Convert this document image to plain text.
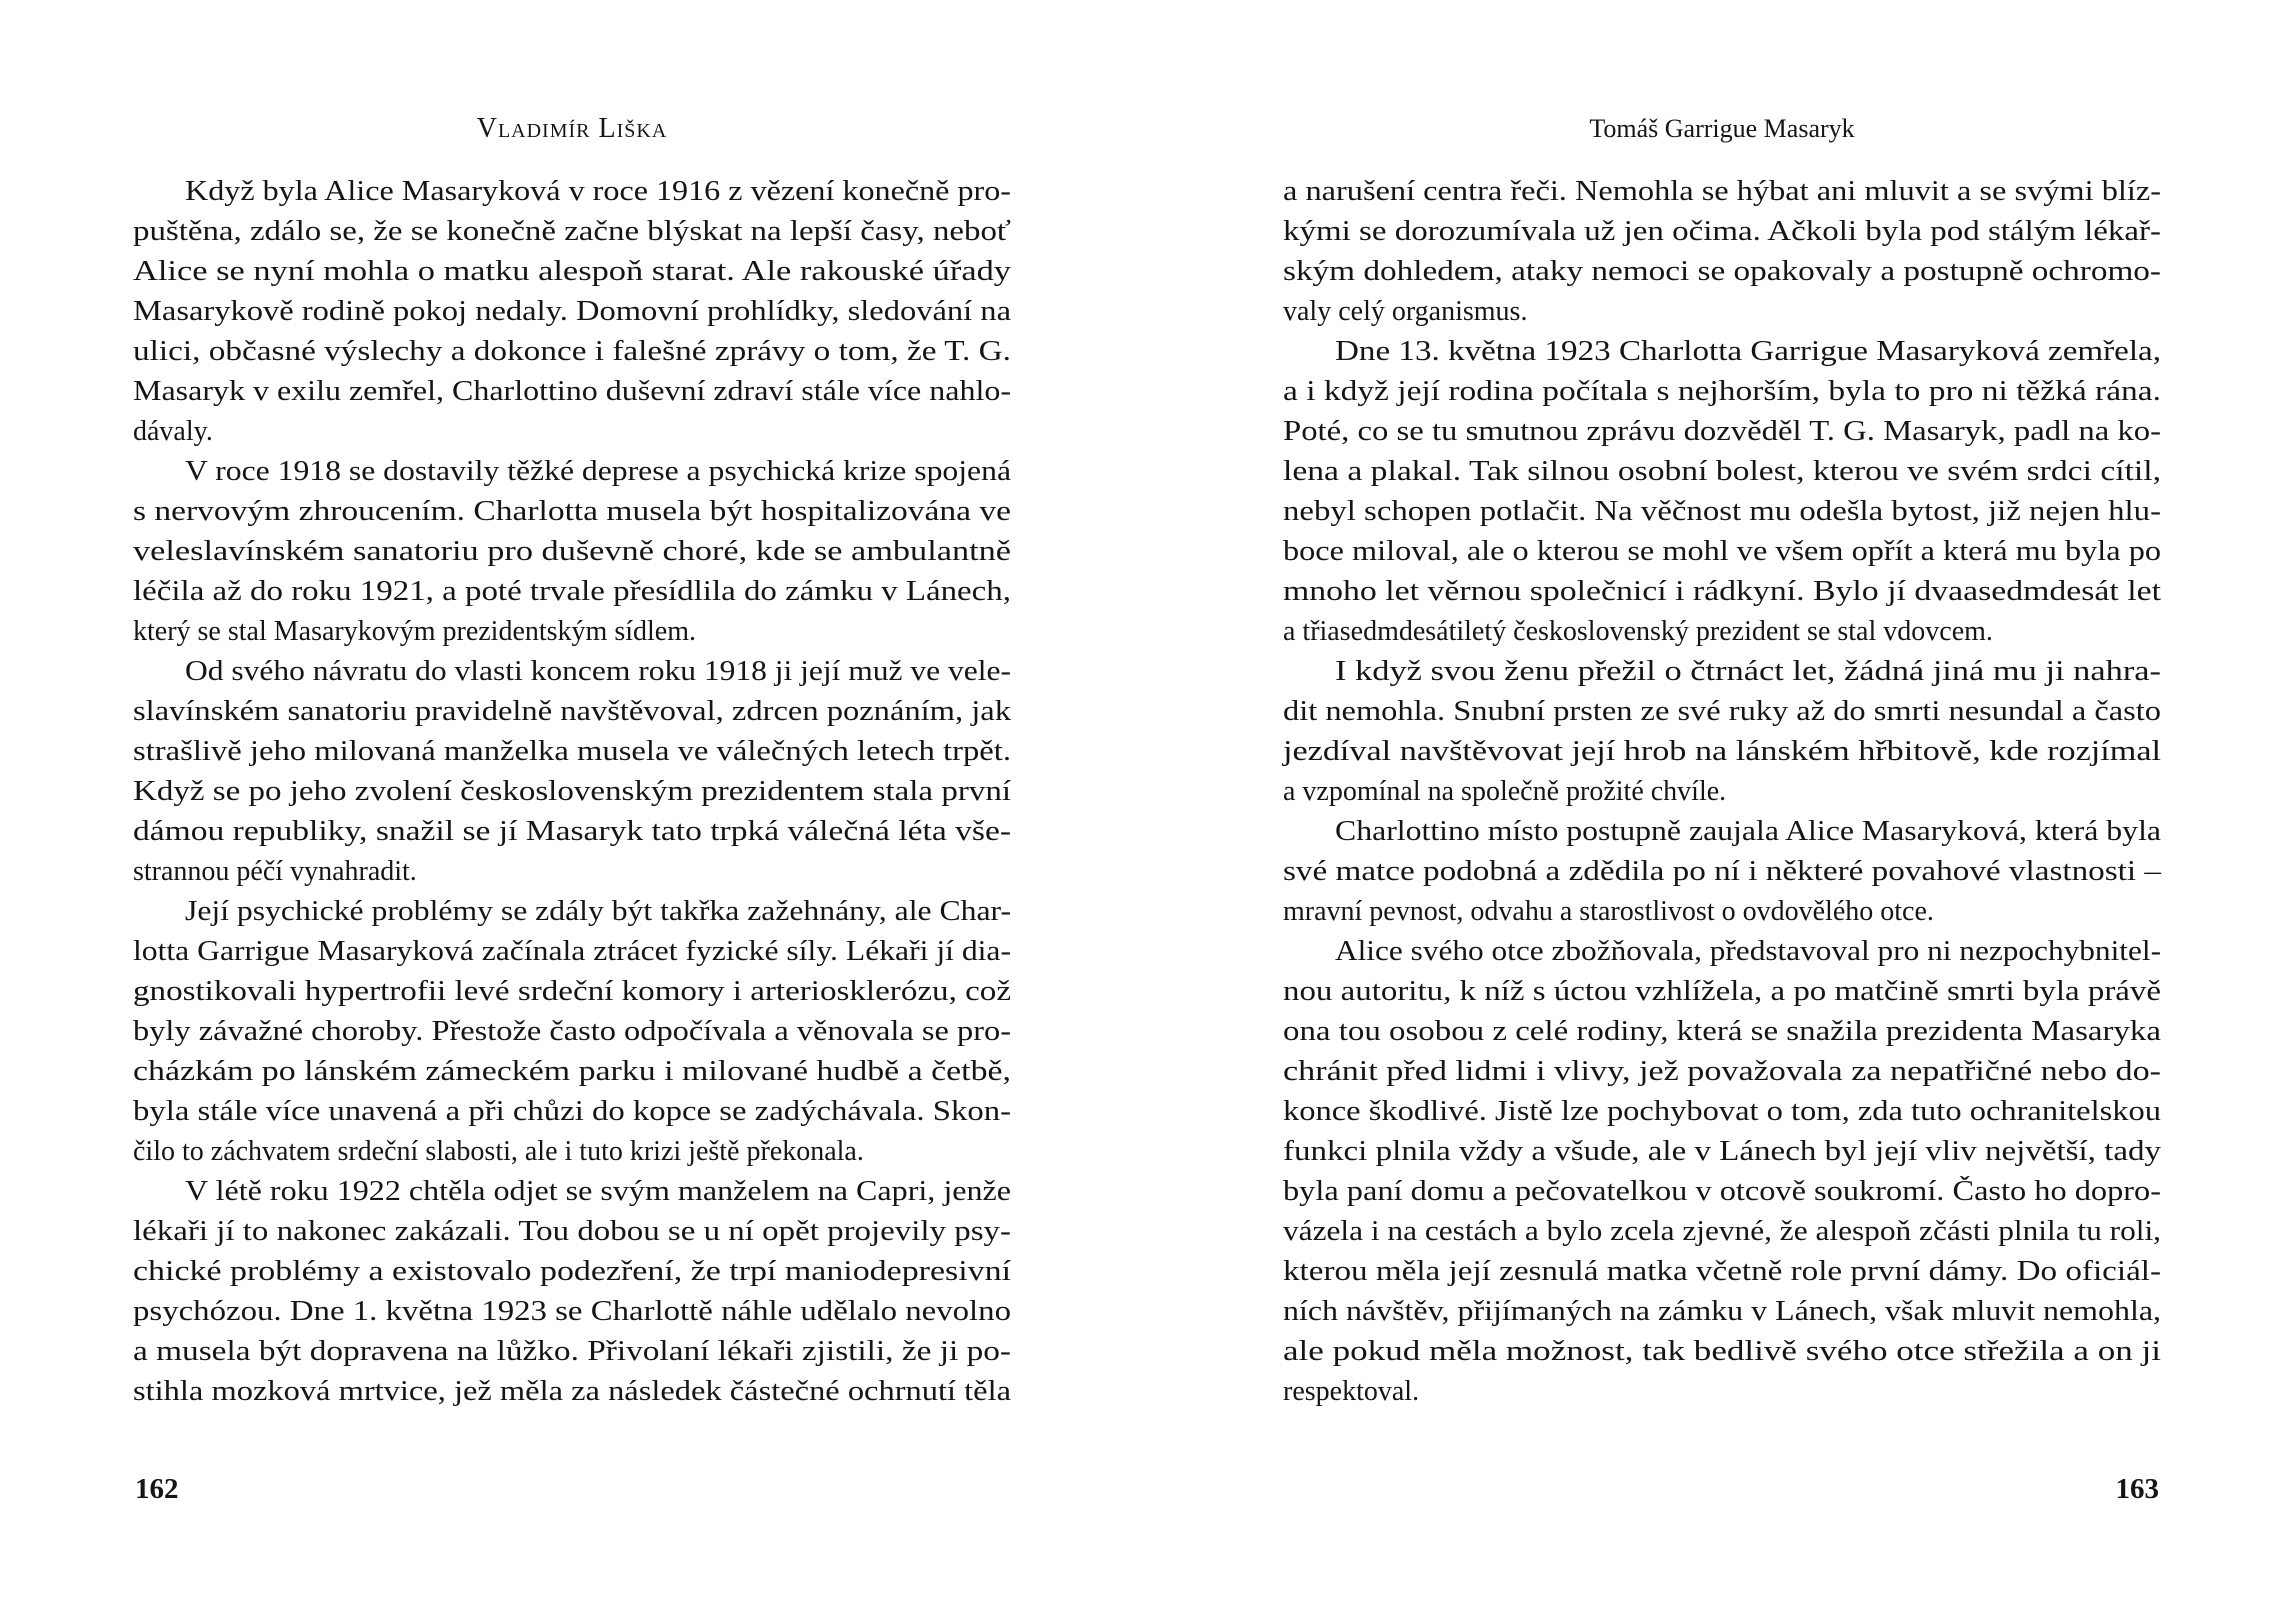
Vladimír Liška
Když byla Alice Masaryková v roce 1916 z vězení konečně pro-
puštěna, zdálo se, že se konečně začne blýskat na lepší časy, neboť
Alice se nyní mohla o matku alespoň starat. Ale rakouské úřady
Masarykově rodině pokoj nedaly. Domovní prohlídky, sledování na
ulici, občasné výslechy a dokonce i falešné zprávy o tom, že T. G.
Masaryk v exilu zemřel, Charlottino duševní zdraví stále více nahlo-
dávaly.
V roce 1918 se dostavily těžké deprese a psychická krize spojená
s nervovým zhroucením. Charlotta musela být hospitalizována ve
veleslavínském sanatoriu pro duševně choré, kde se ambulantně
léčila až do roku 1921, a poté trvale přesídlila do zámku v Lánech,
který se stal Masarykovým prezidentským sídlem.
Od svého návratu do vlasti koncem roku 1918 ji její muž ve vele-
slavínském sanatoriu pravidelně navštěvoval, zdrcen poznáním, jak
strašlivě jeho milovaná manželka musela ve válečných letech trpět.
Když se po jeho zvolení československým prezidentem stala první
dámou republiky, snažil se jí Masaryk tato trpká válečná léta vše-
strannou péčí vynahradit.
Její psychické problémy se zdály být takřka zažehnány, ale Char-
lotta Garrigue Masaryková začínala ztrácet fyzické síly. Lékaři jí dia-
gnostikovali hypertrofii levé srdeční komory i arteriosklerózu, což
byly závažné choroby. Přestože často odpočívala a věnovala se pro-
cházkám po lánském zámeckém parku i milované hudbě a četbě,
byla stále více unavená a při chůzi do kopce se zadýchávala. Skon-
čilo to záchvatem srdeční slabosti, ale i tuto krizi ještě překonala.
V létě roku 1922 chtěla odjet se svým manželem na Capri, jenže
lékaři jí to nakonec zakázali. Tou dobou se u ní opět projevily psy-
chické problémy a existovalo podezření, že trpí maniodepresivní
psychózou. Dne 1. května 1923 se Charlottě náhle udělalo nevolno
a musela být dopravena na lůžko. Přivolaní lékaři zjistili, že ji po-
stihla mozková mrtvice, jež měla za následek částečné ochrnutí těla
162
Tomáš Garrigue Masaryk
a narušení centra řeči. Nemohla se hýbat ani mluvit a se svými blíz-
kými se dorozumívala už jen očima. Ačkoli byla pod stálým lékař-
ským dohledem, ataky nemoci se opakovaly a postupně ochromo-
valy celý organismus.
Dne 13. května 1923 Charlotta Garrigue Masaryková zemřela,
a i když její rodina počítala s nejhorším, byla to pro ni těžká rána.
Poté, co se tu smutnou zprávu dozvěděl T. G. Masaryk, padl na ko-
lena a plakal. Tak silnou osobní bolest, kterou ve svém srdci cítil,
nebyl schopen potlačit. Na věčnost mu odešla bytost, již nejen hlu-
boce miloval, ale o kterou se mohl ve všem opřít a která mu byla po
mnoho let věrnou společnicí i rádkyní. Bylo jí dvaasedmdesát let
a třiasedmdesátiletý československý prezident se stal vdovcem.
I když svou ženu přežil o čtrnáct let, žádná jiná mu ji nahra-
dit nemohla. Snubní prsten ze své ruky až do smrti nesundal a často
jezdíval navštěvovat její hrob na lánském hřbitově, kde rozjímal
a vzpomínal na společně prožité chvíle.
Charlottino místo postupně zaujala Alice Masaryková, která byla
své matce podobná a zdědila po ní i některé povahové vlastnosti –
mravní pevnost, odvahu a starostlivost o ovdovělého otce.
Alice svého otce zbožňovala, představoval pro ni nezpochybnitel-
nou autoritu, k níž s úctou vzhlížela, a po matčině smrti byla právě
ona tou osobou z celé rodiny, která se snažila prezidenta Masaryka
chránit před lidmi i vlivy, jež považovala za nepatřičné nebo do-
konce škodlivé. Jistě lze pochybovat o tom, zda tuto ochranitelskou
funkci plnila vždy a všude, ale v Lánech byl její vliv největší, tady
byla paní domu a pečovatelkou v otcově soukromí. Často ho dopro-
vázela i na cestách a bylo zcela zjevné, že alespoň zčásti plnila tu roli,
kterou měla její zesnulá matka včetně role první dámy. Do oficiál-
ních návštěv, přijímaných na zámku v Lánech, však mluvit nemohla,
ale pokud měla možnost, tak bedlivě svého otce střežila a on ji
respektoval.
163
